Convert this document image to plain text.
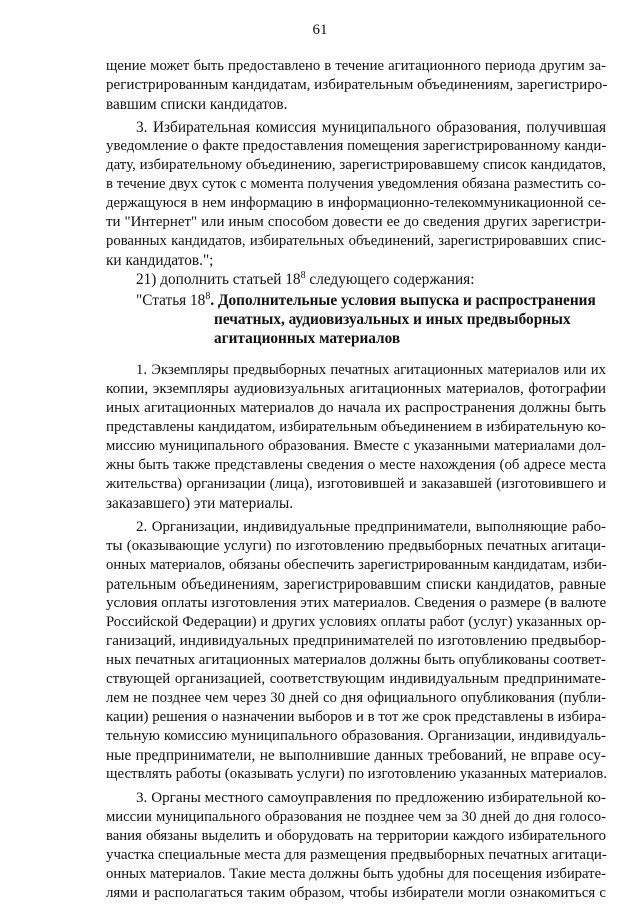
61
щение может быть предоставлено в течение агитационного периода другим за-
регистрированным кандидатам, избирательным объединениям, зарегистриро-
вавшим списки кандидатов.
3. Избирательная комиссия муниципального образования, получившая
уведомление о факте предоставления помещения зарегистрированному канди-
дату, избирательному объединению, зарегистрировавшему список кандидатов,
в течение двух суток с момента получения уведомления обязана разместить со-
держащуюся в нем информацию в информационно-телекоммуникационной се-
ти "Интернет" или иным способом довести ее до сведения других зарегистри-
рованных кандидатов, избирательных объединений, зарегистрировавших спис-
ки кандидатов.";
21) дополнить статьей $18^8$ следующего содержания:
"Статья $18^8$. Дополнительные условия выпуска и распространения
печатных, аудиовизуальных и иных предвыборных
агитационных материалов
1. Экземпляры предвыборных печатных агитационных материалов или их
копии, экземпляры аудиовизуальных агитационных материалов, фотографии
иных агитационных материалов до начала их распространения должны быть
представлены кандидатом, избирательным объединением в избирательную ко-
миссию муниципального образования. Вместе с указанными материалами дол-
жны быть также представлены сведения о месте нахождения (об адресе места
жительства) организации (лица), изготовившей и заказавшей (изготовившего и
заказавшего) эти материалы.
2. Организации, индивидуальные предприниматели, выполняющие рабо-
ты (оказывающие услуги) по изготовлению предвыборных печатных агитаци-
онных материалов, обязаны обеспечить зарегистрированным кандидатам, изби-
рательным объединениям, зарегистрировавшим списки кандидатов, равные
условия оплаты изготовления этих материалов. Сведения о размере (в валюте
Российской Федерации) и других условиях оплаты работ (услуг) указанных ор-
ганизаций, индивидуальных предпринимателей по изготовлению предвыбор-
ных печатных агитационных материалов должны быть опубликованы соответ-
ствующей организацией, соответствующим индивидуальным предпринимате-
лем не позднее чем через 30 дней со дня официального опубликования (публи-
кации) решения о назначении выборов и в тот же срок представлены в избира-
тельную комиссию муниципального образования. Организации, индивидуаль-
ные предприниматели, не выполнившие данных требований, не вправе осу-
ществлять работы (оказывать услуги) по изготовлению указанных материалов.
3. Органы местного самоуправления по предложению избирательной ко-
миссии муниципального образования не позднее чем за 30 дней до дня голосо-
вания обязаны выделить и оборудовать на территории каждого избирательного
участка специальные места для размещения предвыборных печатных агитаци-
онных материалов. Такие места должны быть удобны для посещения избирате-
лями и располагаться таким образом, чтобы избиратели могли ознакомиться с
